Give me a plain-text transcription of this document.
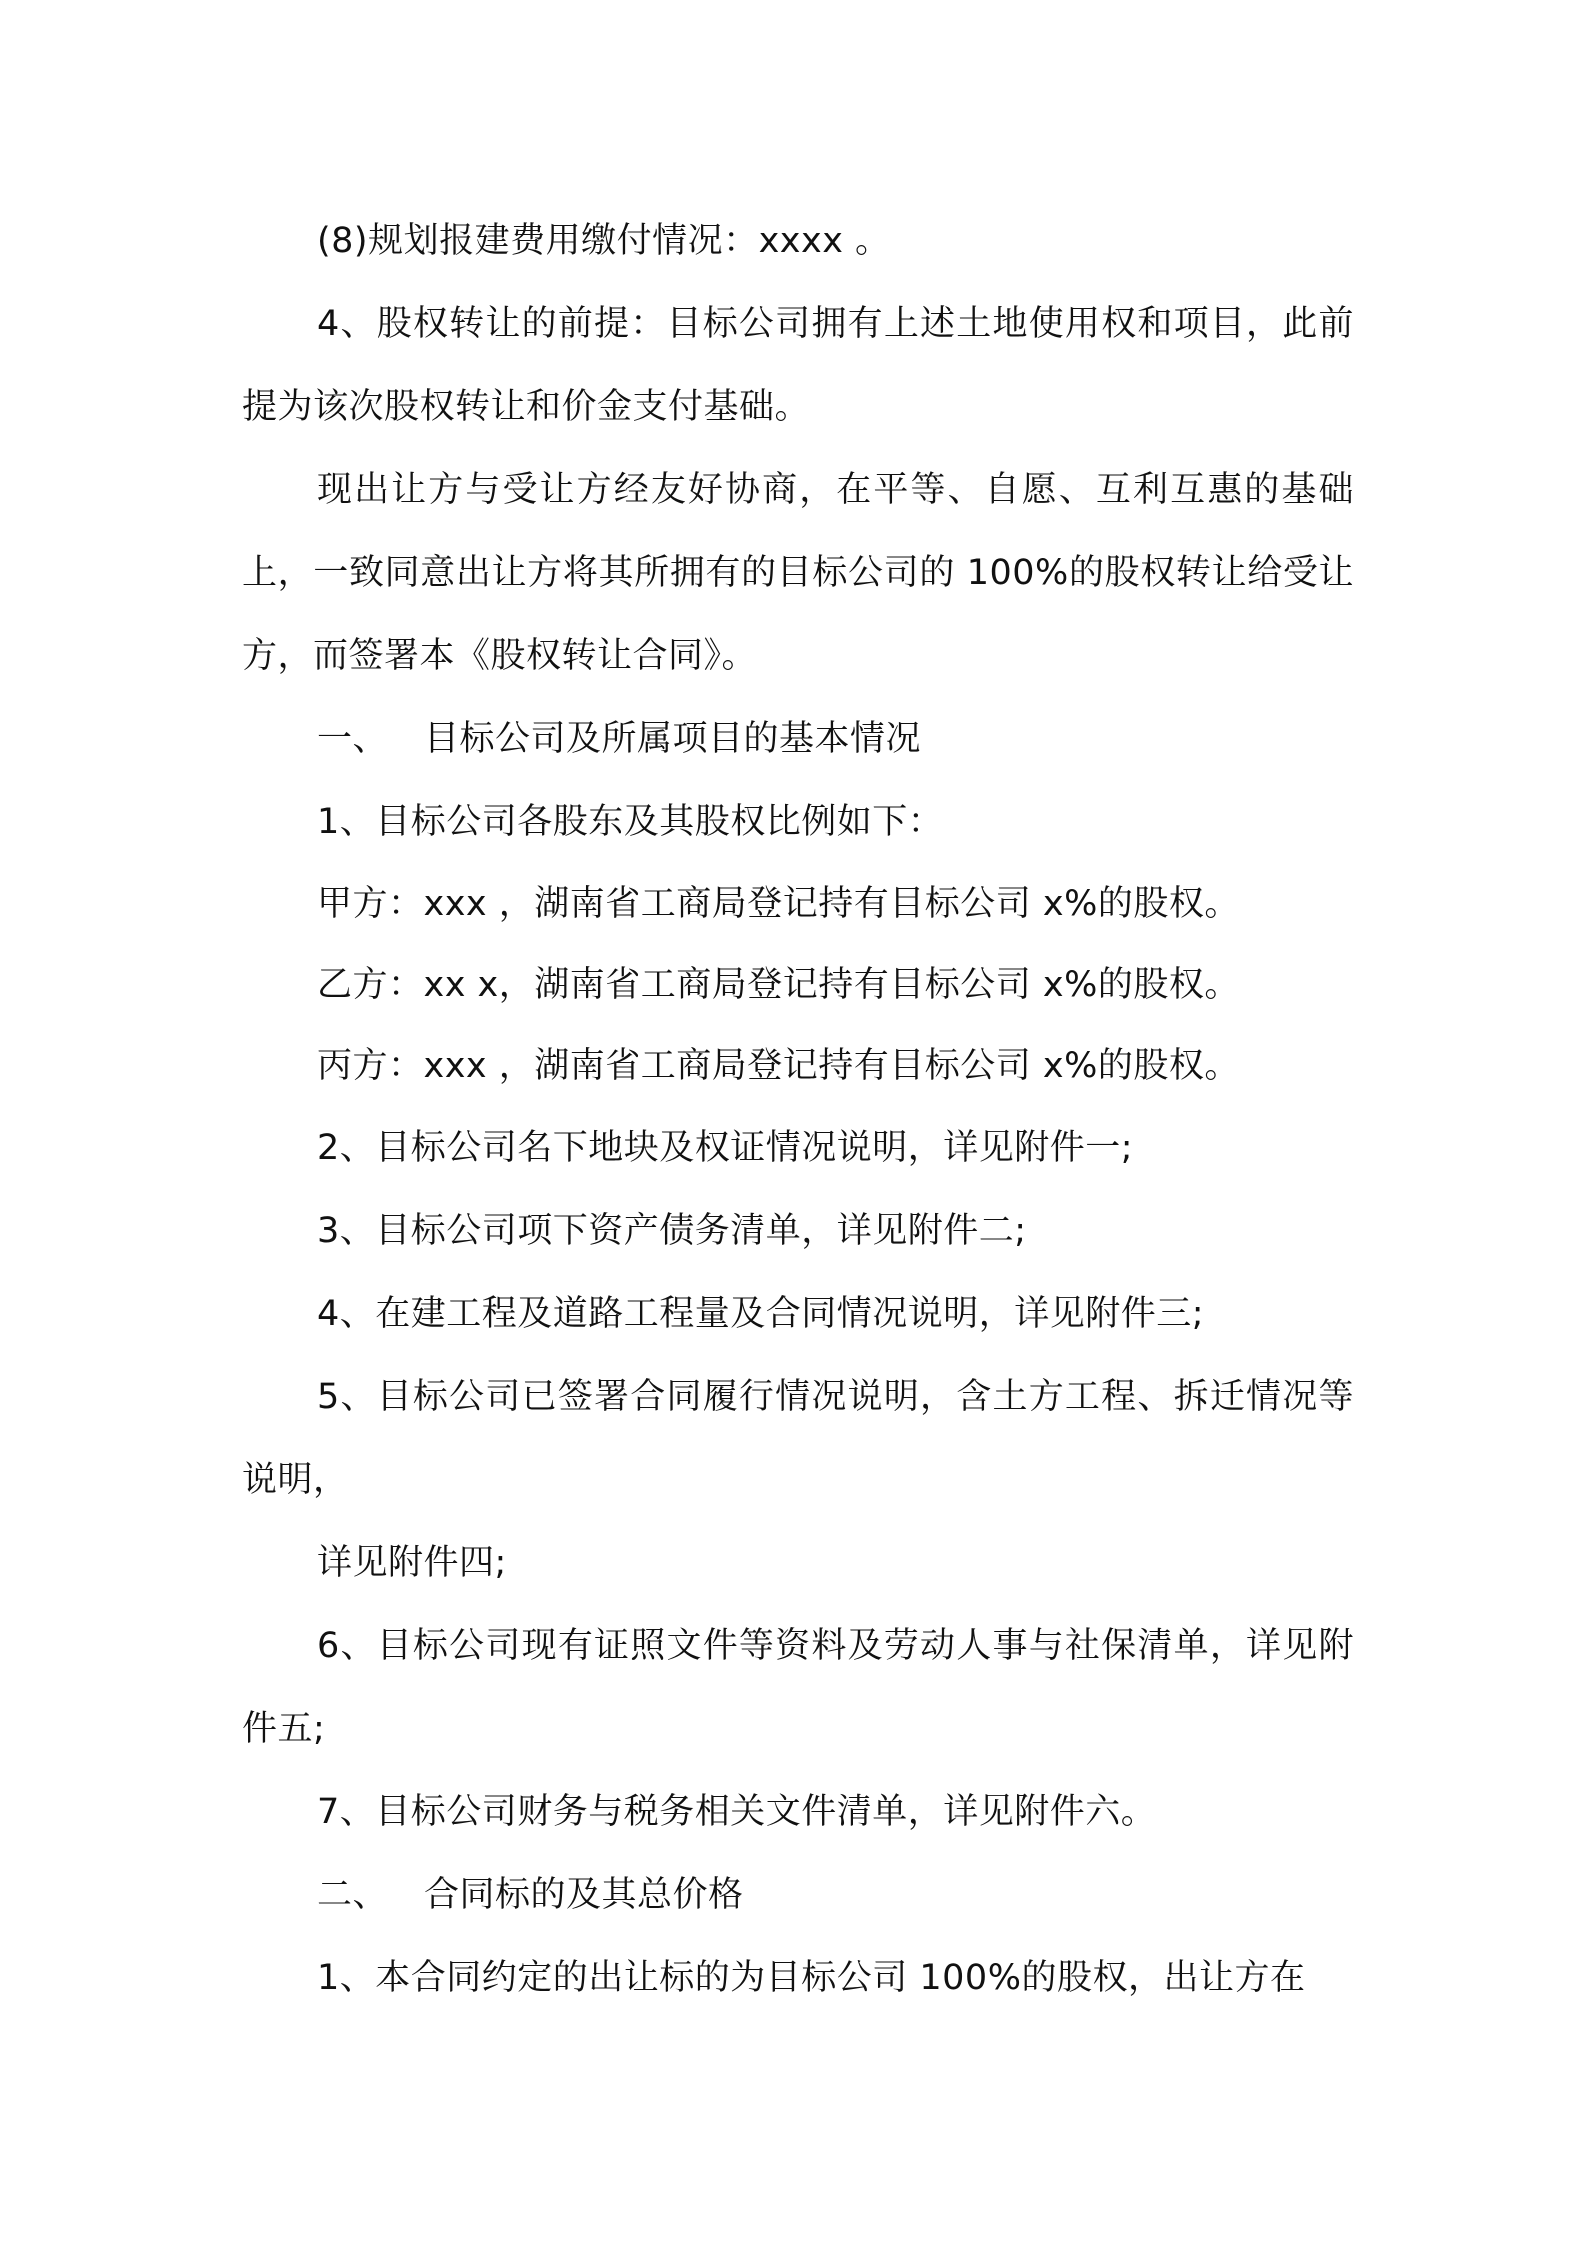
(8)规划报建费用缴付情况：xxxx 。

4、股权转让的前提：目标公司拥有上述土地使用权和项目，此前提为该次股权转让和价金支付基础。

现出让方与受让方经友好协商，在平等、自愿、互利互惠的基础上，一致同意出让方将其所拥有的目标公司的 100%的股权转让给受让方，而签署本《股权转让合同》。

一、 目标公司及所属项目的基本情况

1、目标公司各股东及其股权比例如下：

甲方：xxx ，湖南省工商局登记持有目标公司 x%的股权。

乙方：xx x，湖南省工商局登记持有目标公司 x%的股权。

丙方：xxx ，湖南省工商局登记持有目标公司 x%的股权。

2、目标公司名下地块及权证情况说明，详见附件一;

3、目标公司项下资产债务清单，详见附件二;

4、在建工程及道路工程量及合同情况说明，详见附件三;

5、目标公司已签署合同履行情况说明，含土方工程、拆迁情况等说明，

详见附件四;

6、目标公司现有证照文件等资料及劳动人事与社保清单，详见附件五;

7、目标公司财务与税务相关文件清单，详见附件六。

二、 合同标的及其总价格

1、本合同约定的出让标的为目标公司 100%的股权，出让方在
